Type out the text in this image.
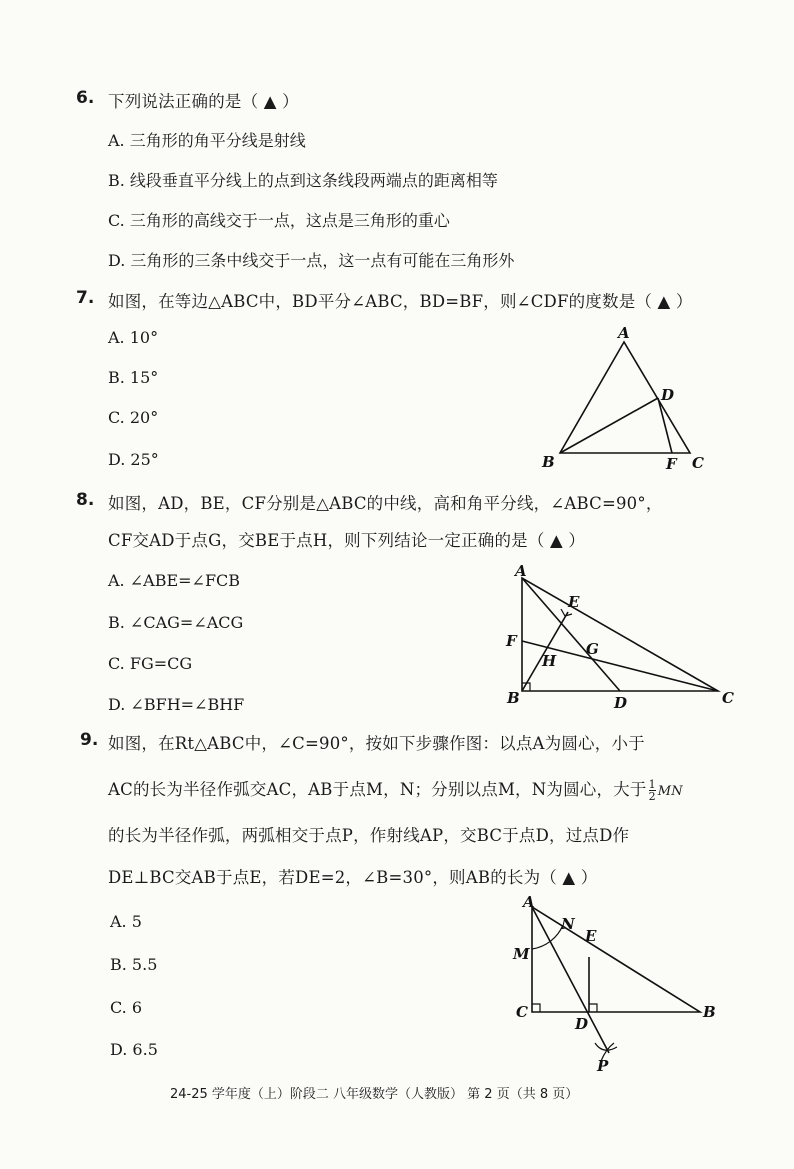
6. 下列说法正确的是（ ▲ ）
A. 三角形的角平分线是射线
B. 线段垂直平分线上的点到这条线段两端点的距离相等
C. 三角形的高线交于一点，这点是三角形的重心
D. 三角形的三条中线交于一点，这一点有可能在三角形外
7. 如图，在等边△ABC中，BD平分∠ABC，BD=BF，则∠CDF的度数是（ ▲ ）
A. 10°
B. 15°
C. 20°
D. 25°
A
B	C
D
F
8. 如图，AD，BE，CF分别是△ABC的中线，高和角平分线，∠ABC=90°，
CF交AD于点G，交BE于点H，则下列结论一定正确的是（ ▲ ）
A. ∠ABE=∠FCB
B. ∠CAG=∠ACG
C. FG=CG
D. ∠BFH=∠BHF
A
B	C
D
E
F	G
H
9. 如图，在Rt△ABC中，∠C=90°，按如下步骤作图：以点A为圆心，小于
AC的长为半径作弧交AC，AB于点M，N；分别以点M，N为圆心，大于 $\frac{1}{2}$ MN
的长为半径作弧，两弧相交于点P，作射线AP，交BC于点D，过点D作
DE⊥BC交AB于点E，若DE=2，∠B=30°，则AB的长为（ ▲ ）
A. 5
B. 5.5
C. 6
D. 6.5
A
B
C
D
E
M
N
P
24-25 学年度（上）阶段二 八年级数学（人教版） 第 2 页（共 8 页）
